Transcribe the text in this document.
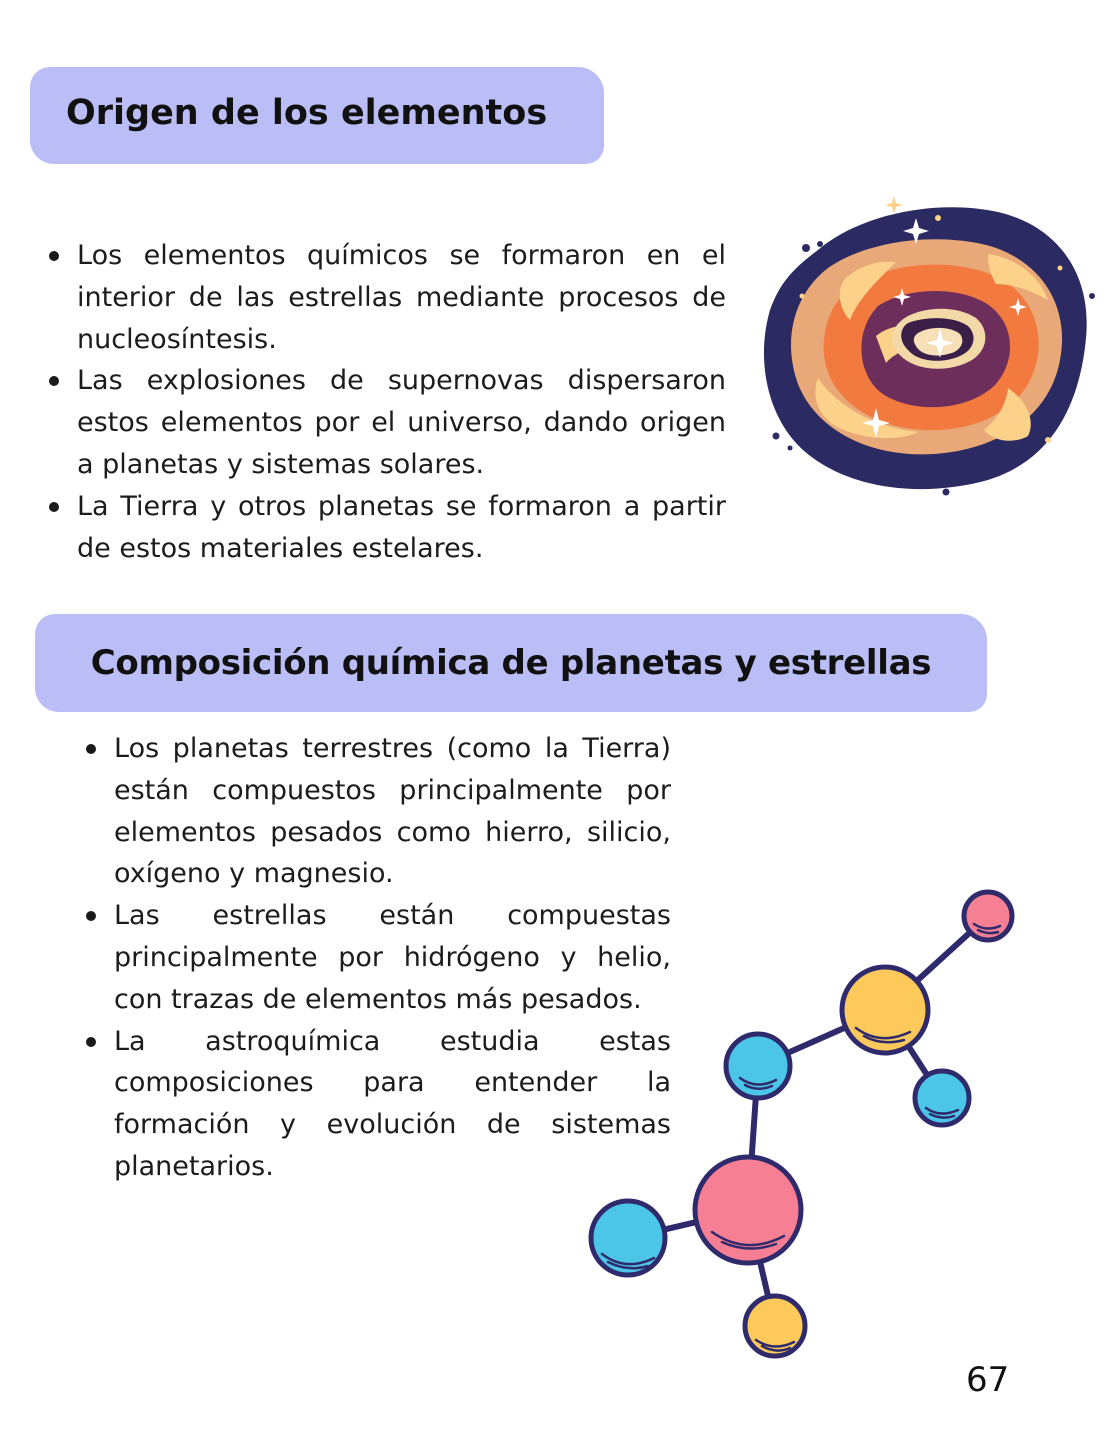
Origen de los elementos
Los elementos químicos se formaron en el interior de las estrellas mediante procesos de nucleosíntesis.
Las explosiones de supernovas dispersaron estos elementos por el universo, dando origen a planetas y sistemas solares.
La Tierra y otros planetas se formaron a partir de estos materiales estelares.
Composición química de planetas y estrellas
Los planetas terrestres (como la Tierra) están compuestos principalmente por elementos pesados como hierro, silicio, oxígeno y magnesio.
Las estrellas están compuestas principalmente por hidrógeno y helio, con trazas de elementos más pesados.
La astroquímica estudia estas composiciones para entender la formación y evolución de sistemas planetarios.
67
